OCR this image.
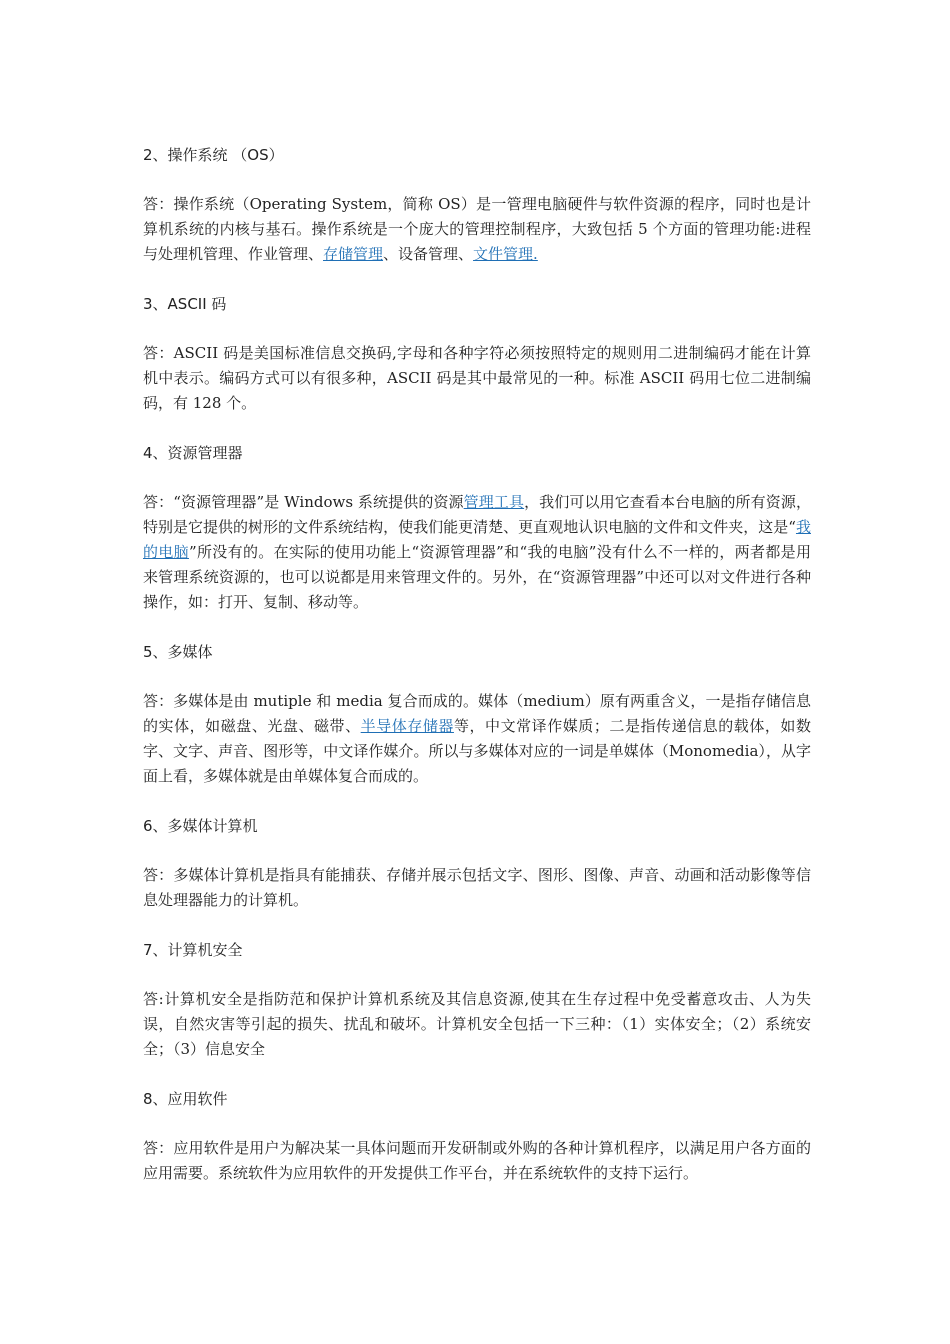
2、操作系统 （OS）
答：操作系统（Operating System，简称 OS）是一管理电脑硬件与软件资源的程序，同时也是计算机系统的内核与基石。操作系统是一个庞大的管理控制程序，大致包括 5 个方面的管理功能:进程与处理机管理、作业管理、存储管理、设备管理、文件管理.
3、ASCII 码
答：ASCII 码是美国标准信息交换码,字母和各种字符必须按照特定的规则用二进制编码才能在计算机中表示。编码方式可以有很多种，ASCII 码是其中最常见的一种。标准 ASCII 码用七位二进制编码，有 128 个。
4、资源管理器
答：“资源管理器”是 Windows 系统提供的资源管理工具，我们可以用它查看本台电脑的所有资源，特别是它提供的树形的文件系统结构，使我们能更清楚、更直观地认识电脑的文件和文件夹，这是“我的电脑”所没有的。在实际的使用功能上“资源管理器”和“我的电脑”没有什么不一样的，两者都是用来管理系统资源的，也可以说都是用来管理文件的。另外，在“资源管理器”中还可以对文件进行各种操作，如：打开、复制、移动等。
5、多媒体
答：多媒体是由 mutiple 和 media 复合而成的。媒体（medium）原有两重含义，一是指存储信息的实体，如磁盘、光盘、磁带、半导体存储器等，中文常译作媒质；二是指传递信息的载体，如数字、文字、声音、图形等，中文译作媒介。所以与多媒体对应的一词是单媒体（Monomedia），从字面上看，多媒体就是由单媒体复合而成的。
6、多媒体计算机
答：多媒体计算机是指具有能捕获、存储并展示包括文字、图形、图像、声音、动画和活动影像等信息处理器能力的计算机。
7、计算机安全
答:计算机安全是指防范和保护计算机系统及其信息资源,使其在生存过程中免受蓄意攻击、人为失误，自然灾害等引起的损失、扰乱和破坏。计算机安全包括一下三种：（1）实体安全；（2）系统安全；（3）信息安全
8、应用软件
答：应用软件是用户为解决某一具体问题而开发研制或外购的各种计算机程序，以满足用户各方面的应用需要。系统软件为应用软件的开发提供工作平台，并在系统软件的支持下运行。
